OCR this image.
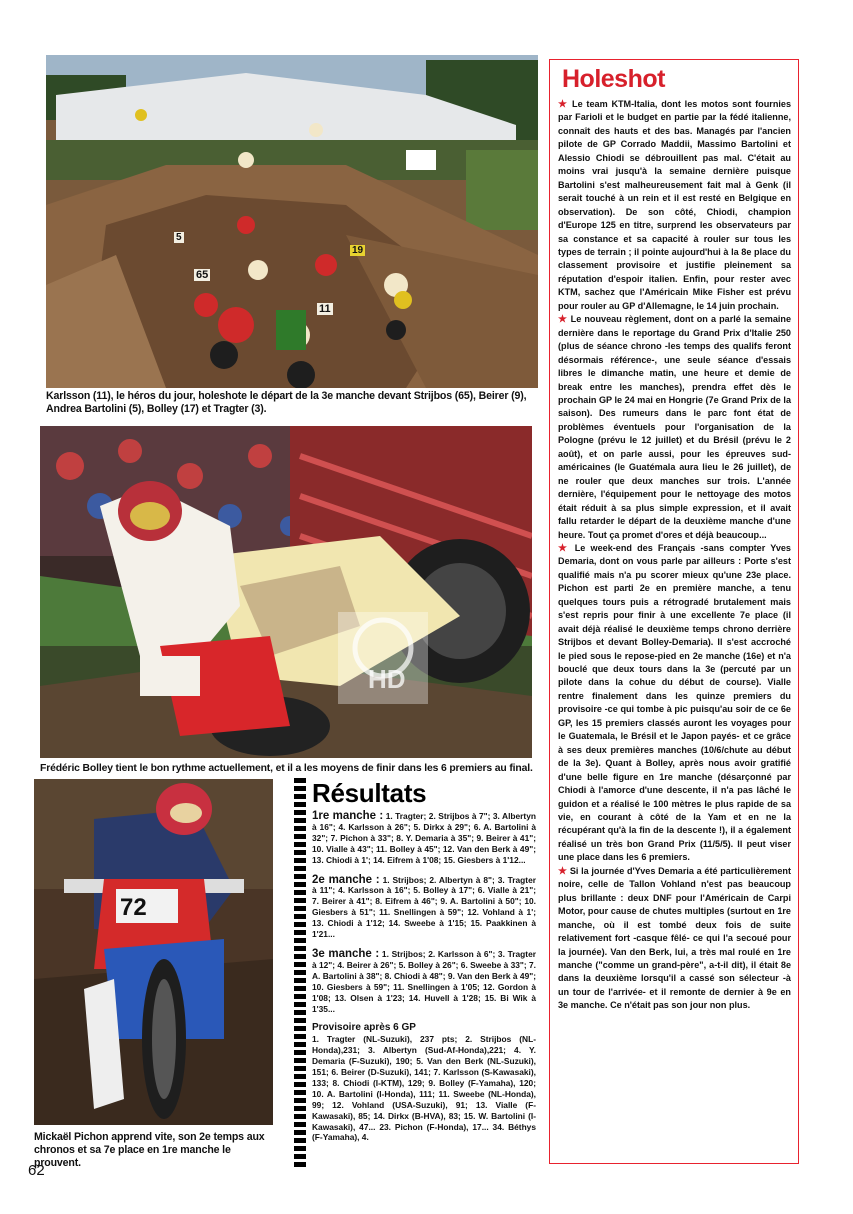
11
65
5
19
Karlsson (11), le héros du jour, holeshote le départ de la 3e manche devant Strijbos (65), Beirer (9), Andrea Bartolini (5), Bolley (17) et Tragter (3).
HD
Frédéric Bolley tient le bon rythme actuellement, et il a les moyens de finir dans les 6 premiers au final.
72
Mickaël Pichon apprend vite, son 2e temps aux chronos et sa 7e place en 1re manche le prouvent.
Résultats
1re manche : 1. Tragter; 2. Strijbos à 7"; 3. Albertyn à 16"; 4. Karlsson à 26"; 5. Dirkx à 29"; 6. A. Bartolini à 32"; 7. Pichon à 33"; 8. Y. Demaria à 35"; 9. Beirer à 41"; 10. Vialle à 43"; 11. Bolley à 45"; 12. Van den Berk à 49"; 13. Chiodi à 1'; 14. Eifrem à 1'08; 15. Giesbers à 1'12...
2e manche : 1. Strijbos; 2. Albertyn à 8"; 3. Tragter à 11"; 4. Karlsson à 16"; 5. Bolley à 17"; 6. Vialle à 21"; 7. Beirer à 41"; 8. Eifrem à 46"; 9. A. Bartolini à 50"; 10. Giesbers à 51"; 11. Snellingen à 59"; 12. Vohland à 1'; 13. Chiodi à 1'12; 14. Sweebe à 1'15; 15. Paakkinen à 1'21...
3e manche : 1. Strijbos; 2. Karlsson à 6"; 3. Tragter à 12"; 4. Beirer à 26"; 5. Bolley à 26"; 6. Sweebe à 33"; 7. A. Bartolini à 38"; 8. Chiodi à 48"; 9. Van den Berk à 49"; 10. Giesbers à 59"; 11. Snellingen à 1'05; 12. Gordon à 1'08; 13. Olsen à 1'23; 14. Huvell à 1'28; 15. Bi Wik à 1'35...
Provisoire après 6 GP
1. Tragter (NL-Suzuki), 237 pts; 2. Strijbos (NL-Honda),231; 3. Albertyn (Sud-Af-Honda),221; 4. Y. Demaria (F-Suzuki), 190; 5. Van den Berk (NL-Suzuki), 151; 6. Beirer (D-Suzuki), 141; 7. Karlsson (S-Kawasaki), 133; 8. Chiodi (I-KTM), 129; 9. Bolley (F-Yamaha), 120; 10. A. Bartolini (I-Honda), 111; 11. Sweebe (NL-Honda), 99; 12. Vohland (USA-Suzuki), 91; 13. Vialle (F-Kawasaki), 85; 14. Dirkx (B-HVA), 83; 15. W. Bartolini (I-Kawasaki), 47... 23. Pichon (F-Honda), 17... 34. Béthys (F-Yamaha), 4.
Holeshot

★ Le team KTM-Italia, dont les motos sont fournies par Farioli et le budget en partie par la fédé italienne, connaît des hauts et des bas. Managés par l'ancien pilote de GP Corrado Maddii, Massimo Bartolini et Alessio Chiodi se débrouillent pas mal. C'était au moins vrai jusqu'à la semaine dernière puisque Bartolini s'est malheureusement fait mal à Genk (il serait touché à un rein et il est resté en Belgique en observation). De son côté, Chiodi, champion d'Europe 125 en titre, surprend les observateurs par sa constance et sa capacité à rouler sur tous les types de terrain ; il pointe aujourd'hui à la 8e place du classement provisoire et justifie pleinement sa réputation d'espoir italien. Enfin, pour rester avec KTM, sachez que l'Américain Mike Fisher est prévu pour rouler au GP d'Allemagne, le 14 juin prochain.

★ Le nouveau règlement, dont on a parlé la semaine dernière dans le reportage du Grand Prix d'Italie 250 (plus de séance chrono -les temps des qualifs feront désormais référence-, une seule séance d'essais libres le dimanche matin, une heure et demie de break entre les manches), prendra effet dès le prochain GP le 24 mai en Hongrie (7e Grand Prix de la saison). Des rumeurs dans le parc font état de problèmes éventuels pour l'organisation de la Pologne (prévu le 12 juillet) et du Brésil (prévu le 2 août), et on parle aussi, pour les épreuves sud-américaines (le Guatémala aura lieu le 26 juillet), de ne rouler que deux manches sur trois. L'année dernière, l'équipement pour le nettoyage des motos était réduit à sa plus simple expression, et il avait fallu retarder le départ de la deuxième manche d'une heure. Tout ça promet d'ores et déjà beaucoup...

★ Le week-end des Français -sans compter Yves Demaria, dont on vous parle par ailleurs : Porte s'est qualifié mais n'a pu scorer mieux qu'une 23e place. Pichon est parti 2e en première manche, a tenu quelques tours puis a rétrogradé brutalement mais s'est repris pour finir à une excellente 7e place (il avait déjà réalisé le deuxième temps chrono derrière Strijbos et devant Bolley-Demaria). Il s'est accroché le pied sous le repose-pied en 2e manche (16e) et n'a bouclé que deux tours dans la 3e (percuté par un pilote dans la cohue du début de course). Vialle rentre finalement dans les quinze premiers du provisoire -ce qui tombe à pic puisqu'au soir de ce 6e GP, les 15 premiers classés auront les voyages pour le Guatemala, le Brésil et le Japon payés- et ce grâce à ses deux premières manches (10/6/chute au début de la 3e). Quant à Bolley, après nous avoir gratifié d'une belle figure en 1re manche (désarçonné par Chiodi à l'amorce d'une descente, il n'a pas lâché le guidon et a réalisé le 100 mètres le plus rapide de sa vie, en courant à côté de la Yam et en ne la récupérant qu'à la fin de la descente !), il a également réalisé un très bon Grand Prix (11/5/5). Il peut viser une place dans les 6 premiers.

★ Si la journée d'Yves Demaria a été particulièrement noire, celle de Tallon Vohland n'est pas beaucoup plus brillante : deux DNF pour l'Américain de Carpi Motor, pour cause de chutes multiples (surtout en 1re manche, où il est tombé deux fois de suite relativement fort -casque fêlé- ce qui l'a secoué pour la journée). Van den Berk, lui, a très mal roulé en 1re manche ("comme un grand-père", a-t-il dit), il était 8e dans la deuxième lorsqu'il a cassé son sélecteur -à un tour de l'arrivée- et il remonte de dernier à 9e en 3e manche. Ce n'était pas son jour non plus.

62
